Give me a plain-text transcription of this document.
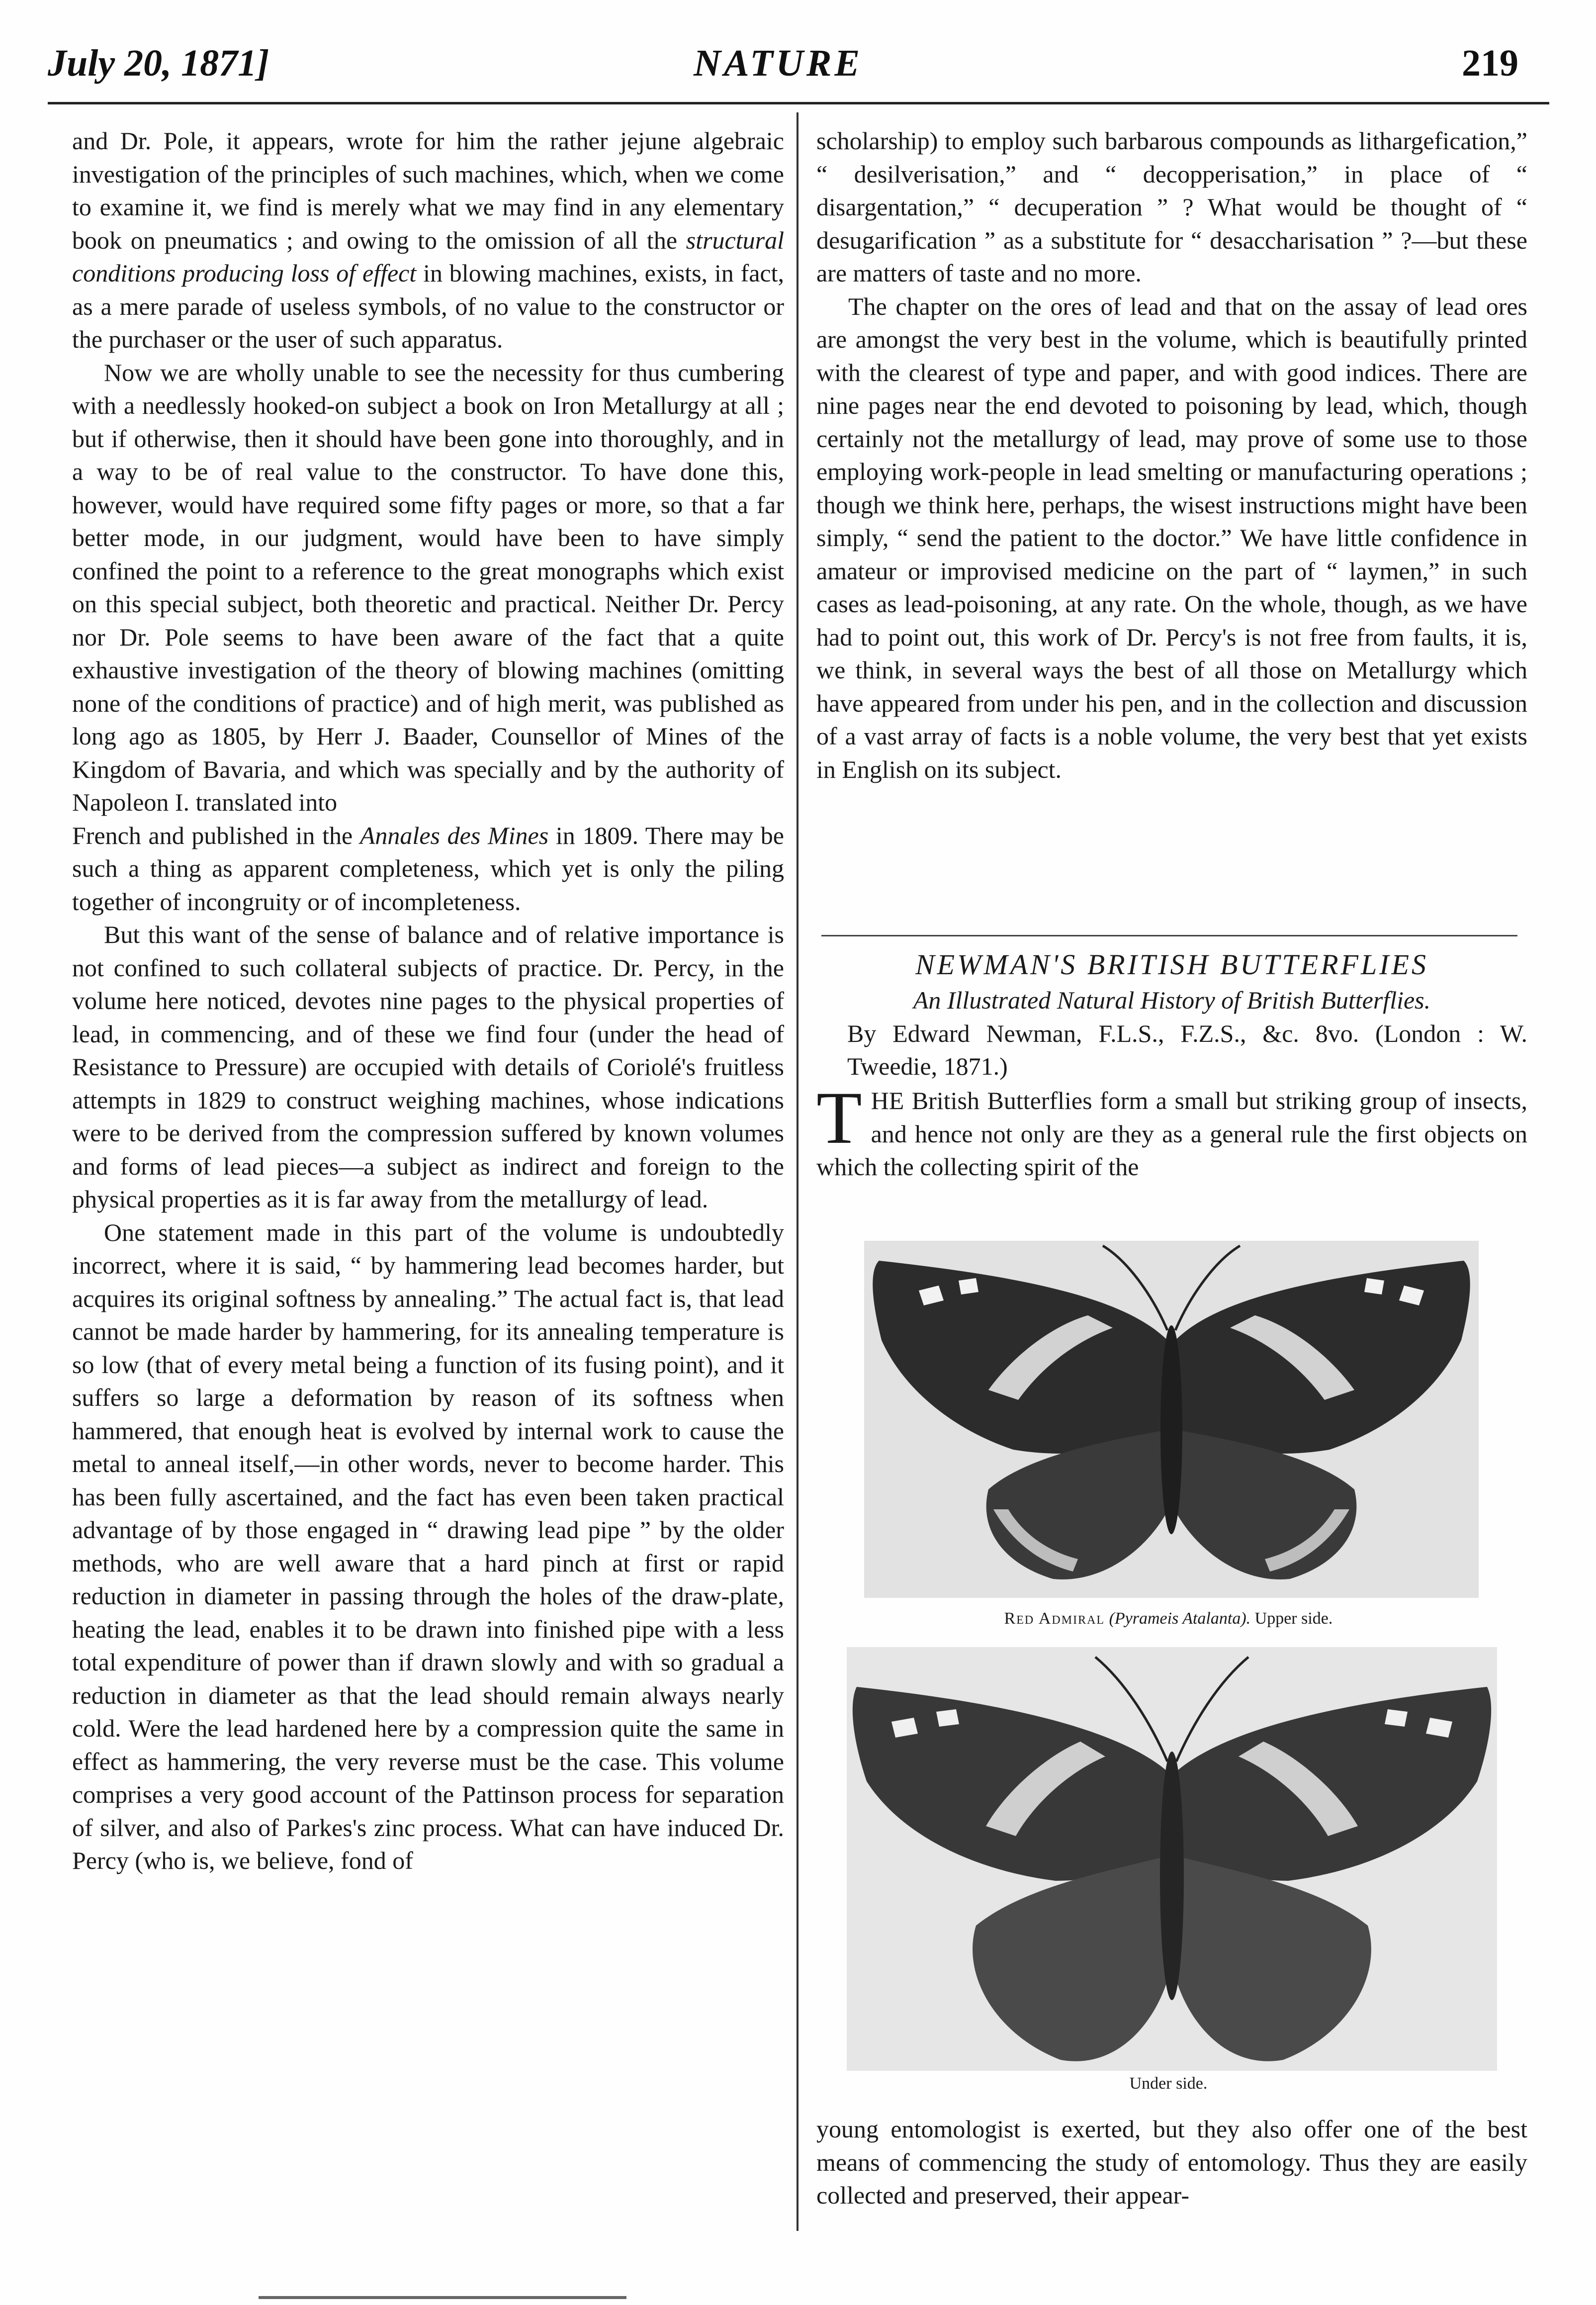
July 20, 1871]	NATURE	219

and Dr. Pole, it appears, wrote for him the rather jejune algebraic investigation of the principles of such machines, which, when we come to examine it, we find is merely what we may find in any elementary book on pneumatics ; and owing to the omission of all the structural conditions producing loss of effect in blowing machines, exists, in fact, as a mere parade of useless symbols, of no value to the constructor or the purchaser or the user of such apparatus.

Now we are wholly unable to see the necessity for thus cumbering with a needlessly hooked-on subject a book on Iron Metallurgy at all ; but if otherwise, then it should have been gone into thoroughly, and in a way to be of real value to the constructor. To have done this, however, would have required some fifty pages or more, so that a far better mode, in our judgment, would have been to have simply confined the point to a reference to the great monographs which exist on this special subject, both theoretic and practical. Neither Dr. Percy nor Dr. Pole seems to have been aware of the fact that a quite exhaustive investigation of the theory of blowing machines (omitting none of the conditions of practice) and of high merit, was published as long ago as 1805, by Herr J. Baader, Counsellor of Mines of the Kingdom of Bavaria, and which was specially and by the authority of Napoleon I. translated into

French and published in the Annales des Mines in 1809. There may be such a thing as apparent completeness, which yet is only the piling together of incongruity or of incompleteness.

But this want of the sense of balance and of relative importance is not confined to such collateral subjects of practice. Dr. Percy, in the volume here noticed, devotes nine pages to the physical properties of lead, in commencing, and of these we find four (under the head of Resistance to Pressure) are occupied with details of Coriolé's fruitless attempts in 1829 to construct weighing machines, whose indications were to be derived from the compression suffered by known volumes and forms of lead pieces—a subject as indirect and foreign to the physical properties as it is far away from the metallurgy of lead.

One statement made in this part of the volume is undoubtedly incorrect, where it is said, “ by hammering lead becomes harder, but acquires its original softness by annealing.” The actual fact is, that lead cannot be made harder by hammering, for its annealing temperature is so low (that of every metal being a function of its fusing point), and it suffers so large a deformation by reason of its softness when hammered, that enough heat is evolved by internal work to cause the metal to anneal itself,—in other words, never to become harder. This has been fully ascertained, and the fact has even been taken practical advantage of by those engaged in “ drawing lead pipe ” by the older methods, who are well aware that a hard pinch at first or rapid reduction in diameter in passing through the holes of the draw-plate, heating the lead, enables it to be drawn into finished pipe with a less total expenditure of power than if drawn slowly and with so gradual a reduction in diameter as that the lead should remain always nearly cold. Were the lead hardened here by a compression quite the same in effect as hammering, the very reverse must be the case. This volume comprises a very good account of the Pattinson process for separation of silver, and also of Parkes's zinc process. What can have induced Dr. Percy (who is, we believe, fond of

scholarship) to employ such barbarous compounds as lithargefication,” “ desilverisation,” and “ decopperisation,” in place of “ disargentation,” “ decuperation ” ? What would be thought of “ desugarification ” as a substitute for “ desaccharisation ” ?—but these are matters of taste and no more.

The chapter on the ores of lead and that on the assay of lead ores are amongst the very best in the volume, which is beautifully printed with the clearest of type and paper, and with good indices. There are nine pages near the end devoted to poisoning by lead, which, though certainly not the metallurgy of lead, may prove of some use to those employing work-people in lead smelting or manufacturing operations ; though we think here, perhaps, the wisest instructions might have been simply, “ send the patient to the doctor.” We have little confidence in amateur or improvised medicine on the part of “ laymen,” in such cases as lead-poisoning, at any rate. On the whole, though, as we have had to point out, this work of Dr. Percy's is not free from faults, it is, we think, in several ways the best of all those on Metallurgy which have appeared from under his pen, and in the collection and discussion of a vast array of facts is a noble volume, the very best that yet exists in English on its subject.

NEWMAN'S BRITISH BUTTERFLIES
An Illustrated Natural History of British Butterflies.
By Edward Newman, F.L.S., F.Z.S., &c. 8vo. (London : W. Tweedie, 1871.)
THE British Butterflies form a small but striking group of insects, and hence not only are they as a general rule the first objects on which the collecting spirit of the
Red Admiral (Pyrameis Atalanta). Upper side.
Under side.
young entomologist is exerted, but they also offer one of the best means of commencing the study of entomology. Thus they are easily collected and preserved, their appear-
